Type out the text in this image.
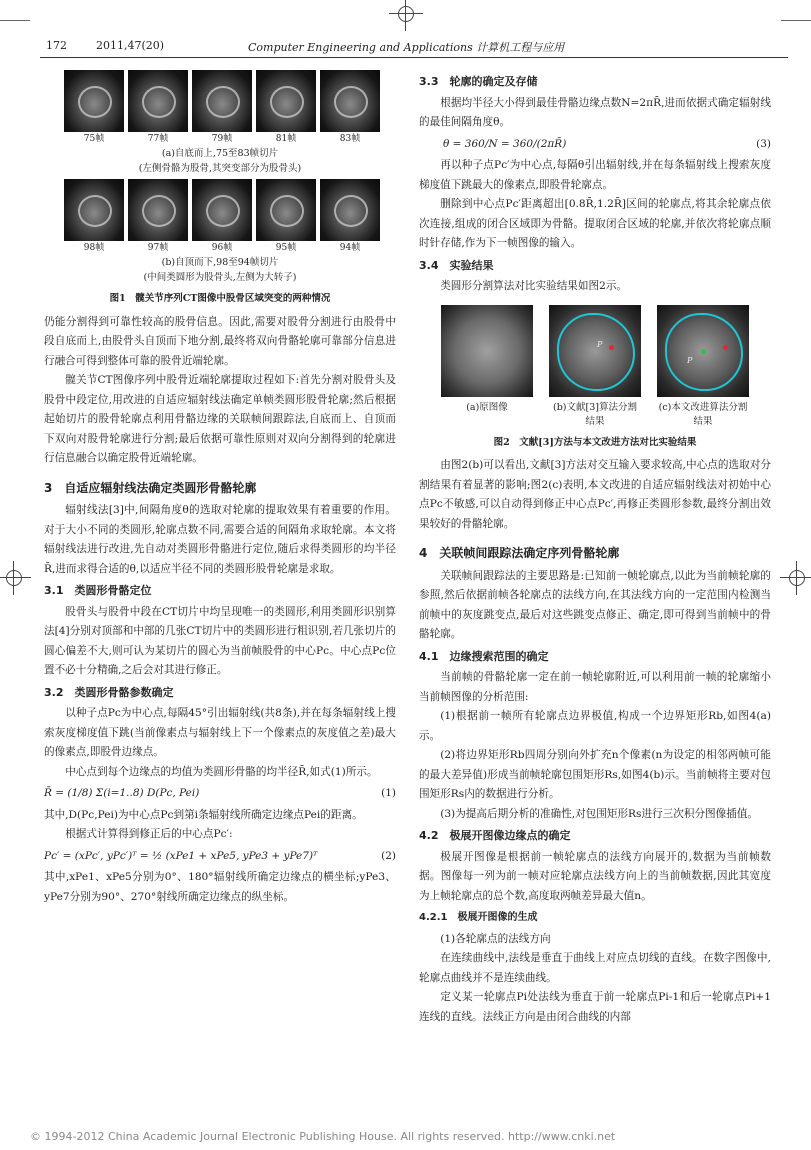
172	2011,47(20)	Computer Engineering and Applications 计算机工程与应用
75帧	77帧	79帧	81帧	83帧

(a)自底而上,75至83帧切片

(左侧骨骼为股骨,其突变部分为股骨头)

98帧	97帧	96帧	95帧	94帧

(b)自顶而下,98至94帧切片

(中间类圆形为股骨头,左侧为大转子)

图1　髋关节序列CT图像中股骨区域突变的两种情况

仍能分割得到可靠性较高的股骨信息。因此,需要对股骨分割进行由股骨中段自底而上,由股骨头自顶而下地分割,最终将双向骨骼轮廓可靠部分信息进行融合可得到整体可靠的股骨近端轮廓。

髋关节CT图像序列中股骨近端轮廓提取过程如下:首先分割对股骨头及股骨中段定位,用改进的自适应辐射线法确定单帧类圆形股骨轮廓;然后根据起始切片的股骨轮廓点利用骨骼边缘的关联帧间跟踪法,自底而上、自顶而下双向对股骨轮廓进行分割;最后依据可靠性原则对双向分割得到的轮廓进行信息融合以确定股骨近端轮廓。

3　自适应辐射线法确定类圆形骨骼轮廓

辐射线法[3]中,间隔角度θ的选取对轮廓的提取效果有着重要的作用。对于大小不同的类圆形,轮廓点数不同,需要合适的间隔角求取轮廓。本文将辐射线法进行改进,先自动对类圆形骨骼进行定位,随后求得类圆形的均半径R̄,进而求得合适的θ,以适应半径不同的类圆形股骨轮廓是求取。

3.1　类圆形骨骼定位

股骨头与股骨中段在CT切片中均呈现唯一的类圆形,利用类圆形识别算法[4]分别对顶部和中部的几张CT切片中的类圆形进行粗识别,若几张切片的圆心偏差不大,则可认为某切片的圆心为当前帧股骨的中心Pc。中心点Pc位置不必十分精确,之后会对其进行修正。

3.2　类圆形骨骼参数确定

以种子点Pc为中心点,每隔45°引出辐射线(共8条),并在每条辐射线上搜索灰度梯度值下跳(当前像素点与辐射线上下一个像素点的灰度值之差)最大的像素点,即股骨边缘点。

中心点到每个边缘点的均值为类圆形骨骼的均半径R̄,如式(1)所示。

R̄ = (1/8) Σ(i=1..8) D(Pc, Pei)	(1)

其中,D(Pc,Pei)为中心点Pc到第i条辐射线所确定边缘点Pei的距离。

根据式计算得到修正后的中心点Pc′:

Pc′ = (xPc′, yPc′)ᵀ = ½ (xPe1 + xPe5, yPe3 + yPe7)ᵀ	(2)

其中,xPe1、xPe5分别为0°、180°辐射线所确定边缘点的横坐标;yPe3、yPe7分别为90°、270°射线所确定边缘点的纵坐标。

3.3　轮廓的确定及存储

根据均半径大小得到最佳骨骼边缘点数N=2πR̄,进而依据式确定辐射线的最佳间隔角度θ。

θ = 360/N = 360/(2πR̄)	(3)

再以种子点Pc′为中心点,每隔θ引出辐射线,并在每条辐射线上搜索灰度梯度值下跳最大的像素点,即股骨轮廓点。

删除到中心点Pc′距离超出[0.8R̄,1.2R̄]区间的轮廓点,将其余轮廓点依次连接,组成的闭合区域即为骨骼。提取闭合区域的轮廓,并依次将轮廓点顺时针存储,作为下一帧图像的输入。

3.4　实验结果

类圆形分割算法对比实验结果如图2示。

P
P
(a)原图像	(b)文献[3]算法分割结果
(c)本文改进算法分割结果

图2　文献[3]方法与本文改进方法对比实验结果

由图2(b)可以看出,文献[3]方法对交互输入要求较高,中心点的选取对分割结果有着显著的影响;图2(c)表明,本文改进的自适应辐射线法对初始中心点Pc不敏感,可以自动得到修正中心点Pc′,再修正类圆形参数,最终分割出效果较好的骨骼轮廓。

4　关联帧间跟踪法确定序列骨骼轮廓

关联帧间跟踪法的主要思路是:已知前一帧轮廓点,以此为当前帧轮廓的参照,然后依据前帧各轮廓点的法线方向,在其法线方向的一定范围内检测当前帧中的灰度跳变点,最后对这些跳变点修正、确定,即可得到当前帧中的骨骼轮廓。

4.1　边缘搜索范围的确定

当前帧的骨骼轮廓一定在前一帧轮廓附近,可以利用前一帧的轮廓缩小当前帧图像的分析范围:

(1)根据前一帧所有轮廓点边界极值,构成一个边界矩形Rb,如图4(a)示。

(2)将边界矩形Rb四周分别向外扩充n个像素(n为设定的相邻两帧可能的最大差异值)形成当前帧轮廓包围矩形Rs,如图4(b)示。当前帧将主要对包围矩形Rs内的数据进行分析。

(3)为提高后期分析的准确性,对包围矩形Rs进行三次积分图像插值。

4.2　极展开图像边缘点的确定

极展开图像是根据前一帧轮廓点的法线方向展开的,数据为当前帧数据。图像每一列为前一帧对应轮廓点法线方向上的当前帧数据,因此其宽度为上帧轮廓点的总个数,高度取两帧差异最大值n。

4.2.1　极展开图像的生成

(1)各轮廓点的法线方向

在连续曲线中,法线是垂直于曲线上对应点切线的直线。在数字图像中,轮廓点曲线并不是连续曲线。

定义某一轮廓点Pi处法线为垂直于前一轮廓点Pi-1和后一轮廓点Pi+1连线的直线。法线正方向是由闭合曲线的内部

© 1994-2012 China Academic Journal Electronic Publishing House. All rights reserved. http://www.cnki.net
